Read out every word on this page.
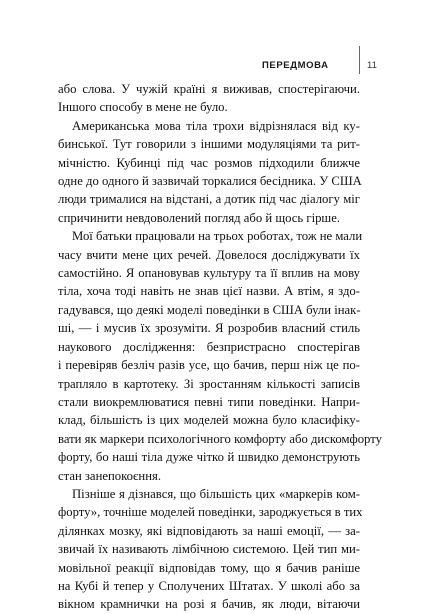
ПЕРЕДМОВА	11
або слова. У чужій країні я виживав, спостерігаючи.
Іншого способу в мене не було.
Американська мова тіла трохи відрізнялася від ку-
бинської. Тут говорили з іншими модуляціями та рит-
мічністю. Кубинці під час розмов підходили ближче
одне до одного й зазвичай торкалися бесідника. У США
люди трималися на відстані, а дотик під час діалогу міг
спричинити невдоволений погляд або й щось гірше.
Мої батьки працювали на трьох роботах, тож не мали
часу вчити мене цих речей. Довелося досліджувати їх
самостійно. Я опановував культуру та її вплив на мову
тіла, хоча тоді навіть не знав цієї назви. А втім, я здо-
гадувався, що деякі моделі поведінки в США були інак-
ші, — і мусив їх зрозуміти. Я розробив власний стиль
наукового дослідження: безпристрасно спостерігав
і перевіряв безліч разів усе, що бачив, перш ніж це по-
трапляло в картотеку. Зі зростанням кількості записів
стали виокремлюватися певні типи поведінки. Напри-
клад, більшість із цих моделей можна було класифіку-
вати як маркери психологічного комфорту або дискомфорту
форту, бо наші тіла дуже чітко й швидко демонструють
стан занепокоєння.
Пізніше я дізнався, що більшість цих «маркерів ком-
форту», точніше моделей поведінки, зароджується в тих
ділянках мозку, які відповідають за наші емоції, — за-
звичай їх називають лімбічною системою. Цей тип ми-
мовільної реакції відповідав тому, що я бачив раніше
на Кубі й тепер у Сполучених Штатах. У школі або за
вікном крамнички на розі я бачив, як люди, вітаючи
